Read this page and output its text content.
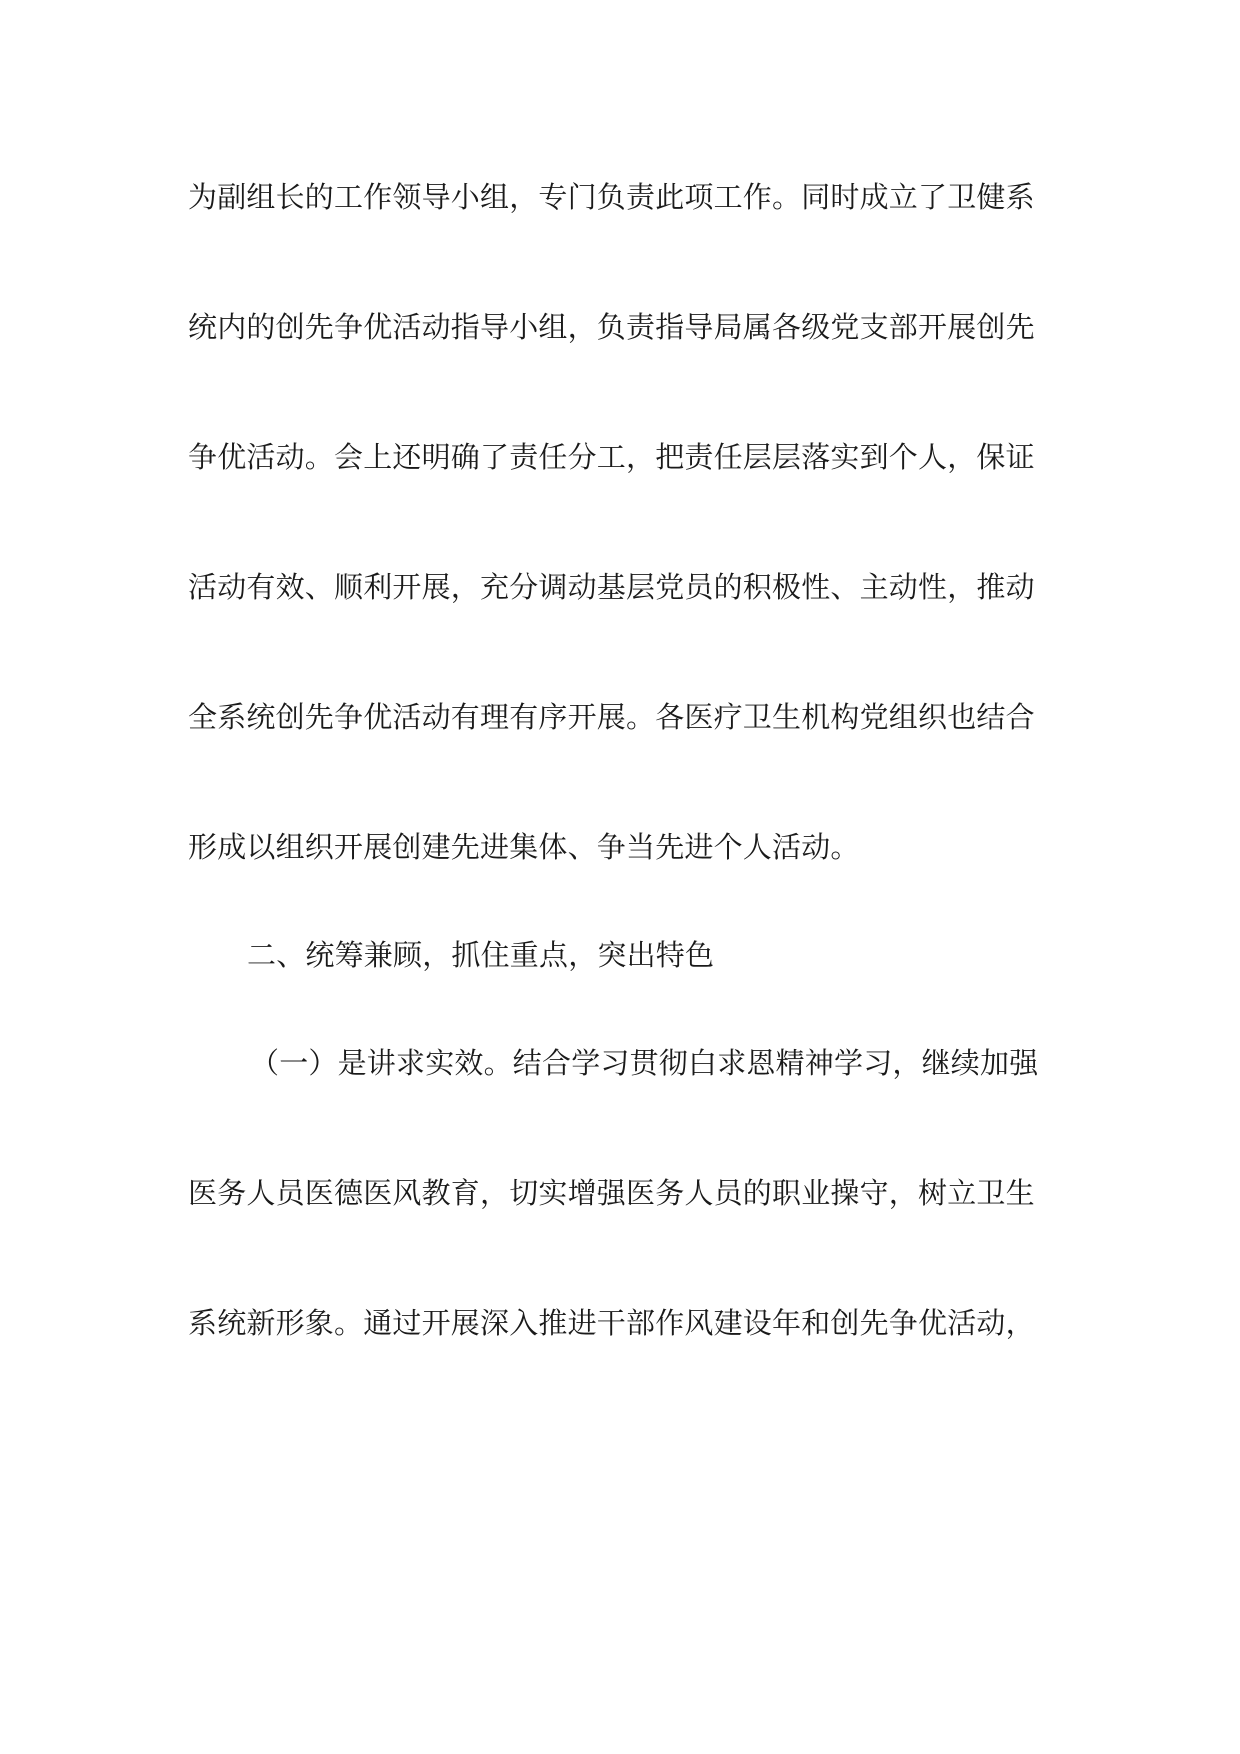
为副组长的工作领导小组，专门负责此项工作。同时成立了卫健系
统内的创先争优活动指导小组，负责指导局属各级党支部开展创先
争优活动。会上还明确了责任分工，把责任层层落实到个人，保证
活动有效、顺利开展，充分调动基层党员的积极性、主动性，推动
全系统创先争优活动有理有序开展。各医疗卫生机构党组织也结合
形成以组织开展创建先进集体、争当先进个人活动。
二、统筹兼顾，抓住重点，突出特色
（一）是讲求实效。结合学习贯彻白求恩精神学习，继续加强
医务人员医德医风教育，切实增强医务人员的职业操守，树立卫生
系统新形象。通过开展深入推进干部作风建设年和创先争优活动，
